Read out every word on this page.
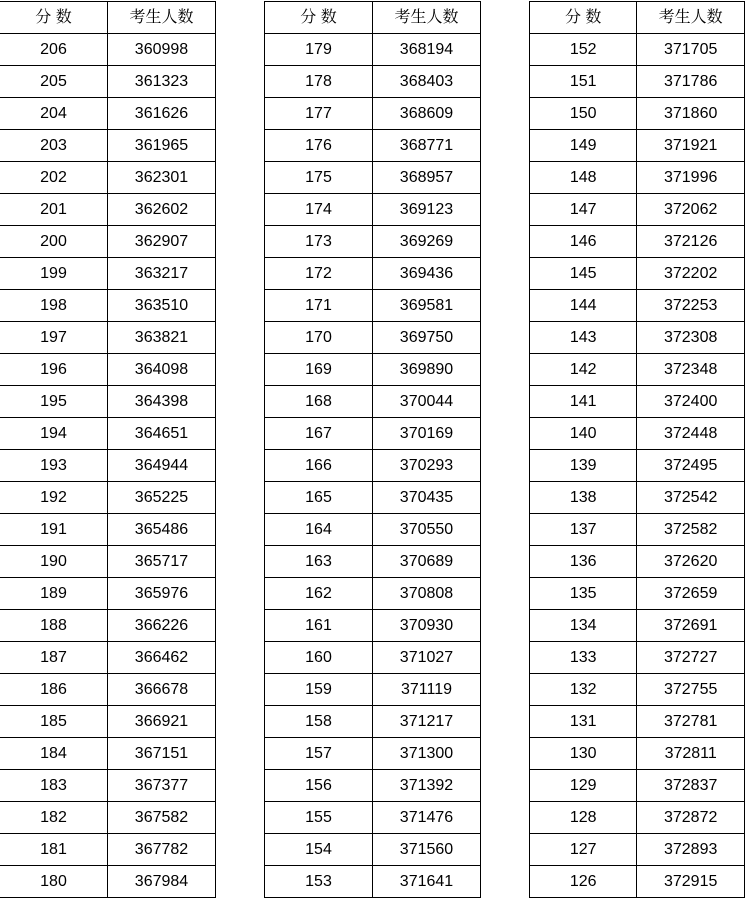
分 数	考生人数
206	360998
205	361323
204	361626
203	361965
202	362301
201	362602
200	362907
199	363217
198	363510
197	363821
196	364098
195	364398
194	364651
193	364944
192	365225
191	365486
190	365717
189	365976
188	366226
187	366462
186	366678
185	366921
184	367151
183	367377
182	367582
181	367782
180	367984
分 数	考生人数
179	368194
178	368403
177	368609
176	368771
175	368957
174	369123
173	369269
172	369436
171	369581
170	369750
169	369890
168	370044
167	370169
166	370293
165	370435
164	370550
163	370689
162	370808
161	370930
160	371027
159	371119
158	371217
157	371300
156	371392
155	371476
154	371560
153	371641
分 数	考生人数
152	371705
151	371786
150	371860
149	371921
148	371996
147	372062
146	372126
145	372202
144	372253
143	372308
142	372348
141	372400
140	372448
139	372495
138	372542
137	372582
136	372620
135	372659
134	372691
133	372727
132	372755
131	372781
130	372811
129	372837
128	372872
127	372893
126	372915
